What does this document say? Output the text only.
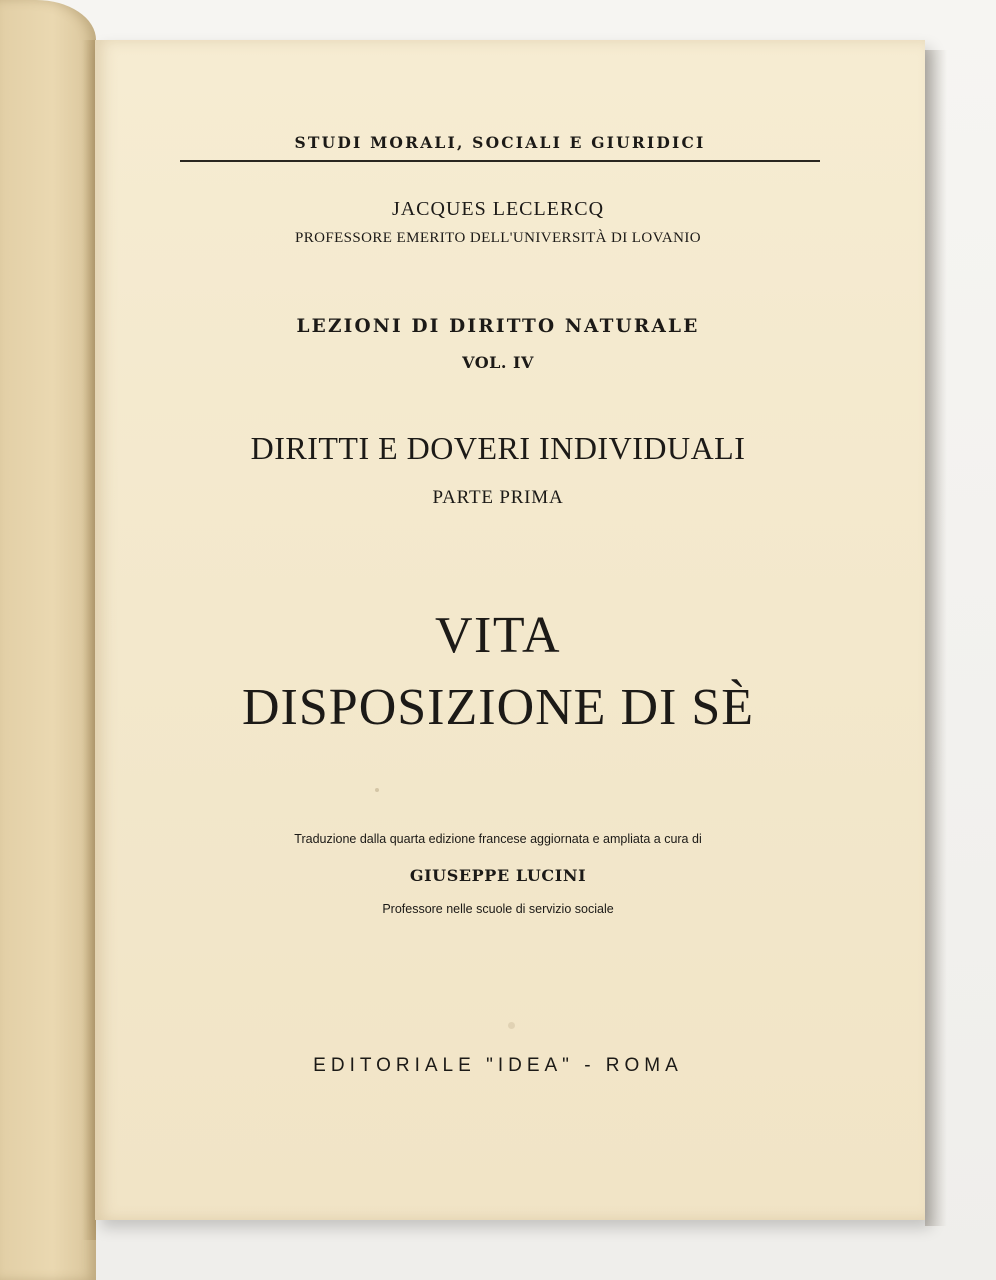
STUDI MORALI, SOCIALI E GIURIDICI
JACQUES LECLERCQ
PROFESSORE EMERITO DELL'UNIVERSITÀ DI LOVANIO
LEZIONI DI DIRITTO NATURALE
VOL. IV
DIRITTI E DOVERI INDIVIDUALI
PARTE PRIMA
VITA
DISPOSIZIONE DI SÈ
Traduzione dalla quarta edizione francese aggiornata e ampliata a cura di
GIUSEPPE LUCINI
Professore nelle scuole di servizio sociale
EDITORIALE "IDEA" - ROMA
